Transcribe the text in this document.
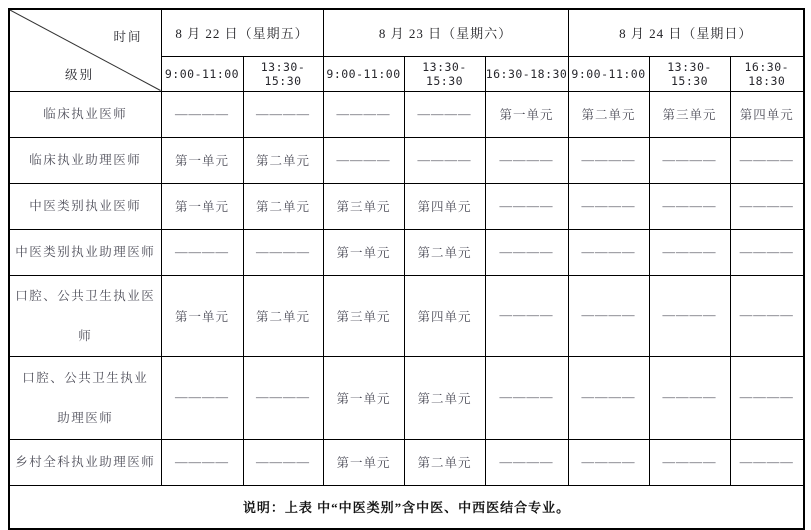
时间
级别	8 月 22 日（星期五）		8 月 23 日（星期六）			8 月 24 日（星期日）		
	9:00-11:00	13:30-15:30	9:00-11:00	13:30-15:30	16:30-18:30	9:00-11:00	13:30-15:30	16:30-18:30
临床执业医师	————	————	————	————	第一单元	第二单元	第三单元	第四单元
临床执业助理医师	第一单元	第二单元	————	————	————	————	————	————
中医类别执业医师	第一单元	第二单元	第三单元	第四单元	————	————	————	————
中医类别执业助理医师	————	————	第一单元	第二单元	————	————	————	————
口腔、公共卫生执业医师	第一单元	第二单元	第三单元	第四单元	————	————	————	————
口腔、公共卫生执业
助理医师	————	————	第一单元	第二单元	————	————	————	————
乡村全科执业助理医师	————	————	第一单元	第二单元	————	————	————	————
说明：上表 中“中医类别”含中医、中西医结合专业。								
